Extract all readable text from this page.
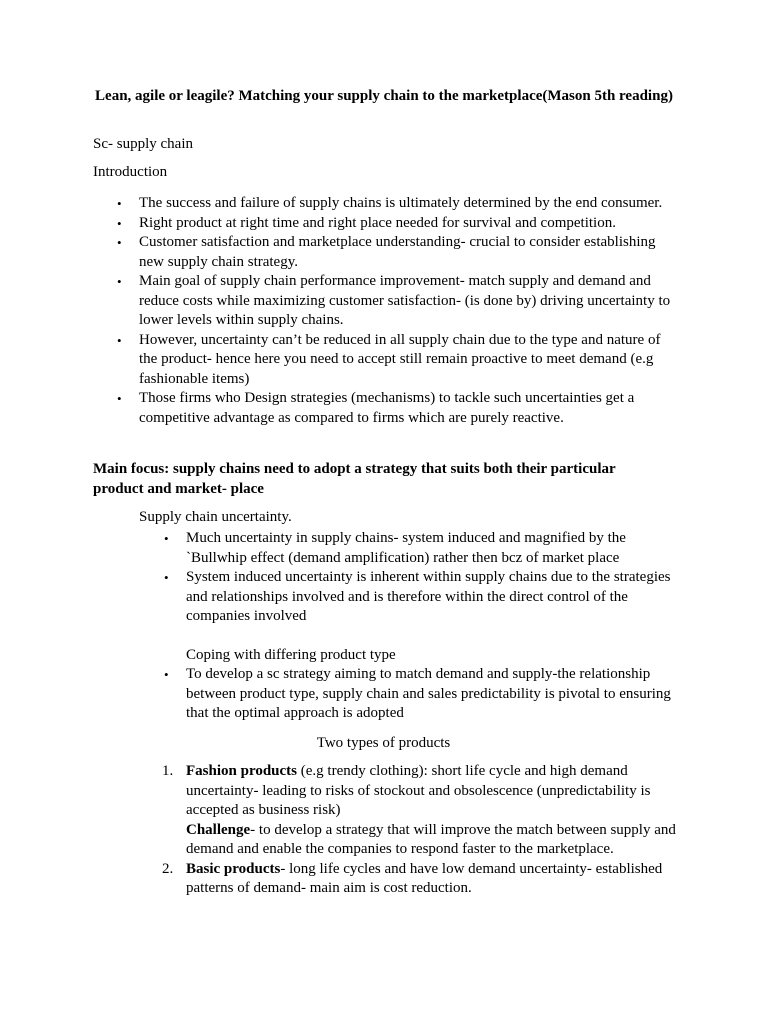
Lean, agile or leagile? Matching your supply chain to the marketplace(Mason 5th reading)
Sc- supply chain
Introduction
• The success and failure of supply chains is ultimately determined by the end consumer.
• Right product at right time and right place needed for survival and competition.
• Customer satisfaction and marketplace understanding- crucial to consider establishing new supply chain strategy.
• Main goal of supply chain performance improvement- match supply and demand and reduce costs while maximizing customer satisfaction- (is done by) driving uncertainty to lower levels within supply chains.
• However, uncertainty can’t be reduced in all supply chain due to the type and nature of the product- hence here you need to accept still remain proactive to meet demand (e.g fashionable items)
• Those firms who Design strategies (mechanisms) to tackle such uncertainties get a competitive advantage as compared to firms which are purely reactive.
Main focus: supply chains need to adopt a strategy that suits both their particular product and market- place
Supply chain uncertainty.
• Much uncertainty in supply chains- system induced and magnified by the `Bullwhip effect (demand amplification) rather then bcz of market place
• System induced uncertainty is inherent within supply chains due to the strategies and relationships involved and is therefore within the direct control of the companies involved
Coping with differing product type
• To develop a sc strategy aiming to match demand and supply-the relationship between product type, supply chain and sales predictability is pivotal to ensuring that the optimal approach is adopted
Two types of products
1. Fashion products (e.g trendy clothing): short life cycle and high demand uncertainty- leading to risks of stockout and obsolescence (unpredictability is accepted as business risk)
Challenge- to develop a strategy that will improve the match between supply and demand and enable the companies to respond faster to the marketplace.
2. Basic products- long life cycles and have low demand uncertainty- established patterns of demand- main aim is cost reduction.
